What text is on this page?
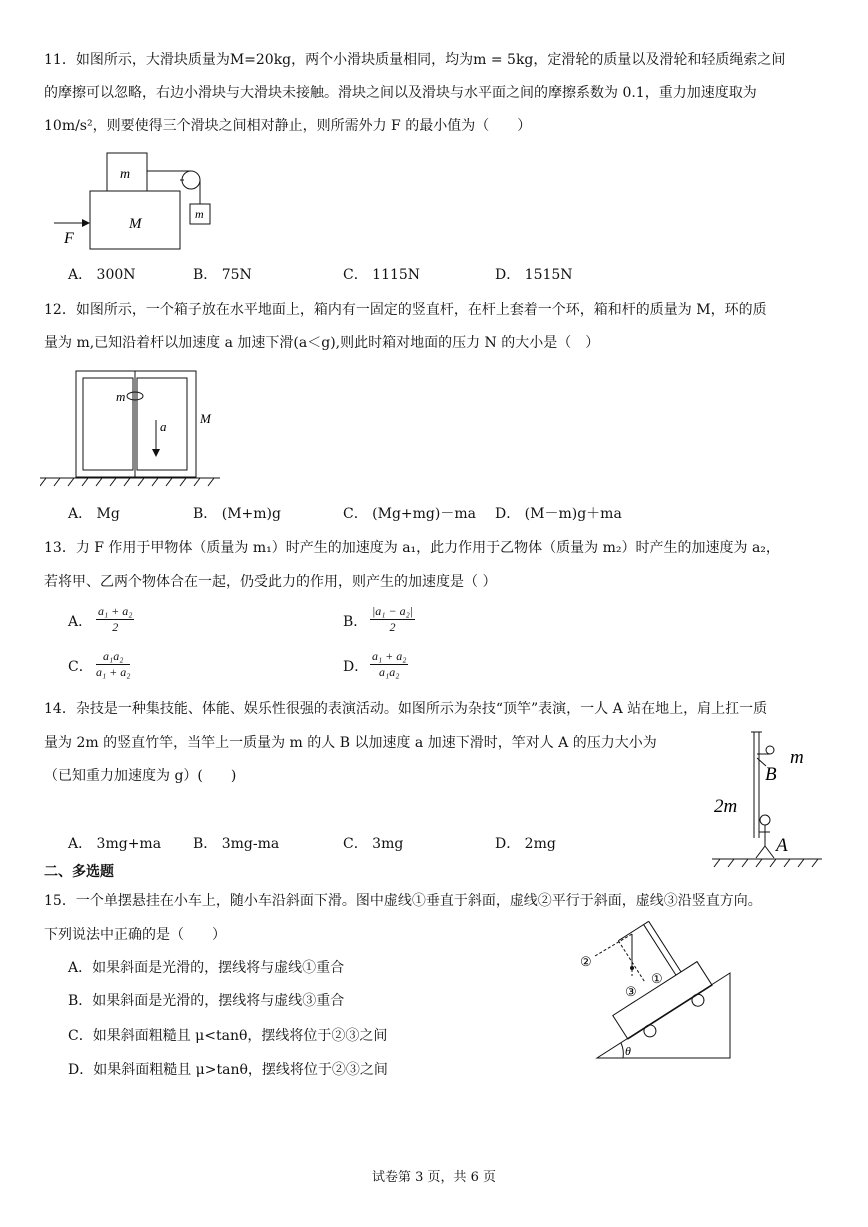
11．如图所示，大滑块质量为M=20kg，两个小滑块质量相同，均为m = 5kg，定滑轮的质量以及滑轮和轻质绳索之间
的摩擦可以忽略，右边小滑块与大滑块未接触。滑块之间以及滑块与水平面之间的摩擦系数为 0.1，重力加速度取为
10m/s²，则要使得三个滑块之间相对静止，则所需外力 F 的最小值为（　　）
m
M
m
F
A． 300N	B． 75N	C． 1115N	D． 1515N
12．如图所示，一个箱子放在水平地面上，箱内有一固定的竖直杆，在杆上套着一个环，箱和杆的质量为 M，环的质
量为 m,已知沿着杆以加速度 a 加速下滑(a＜g),则此时箱对地面的压力 N 的大小是（　）
m
a
M
A． Mg	B． (M+m)g	C． (Mg+mg)－ma D． (M－m)g＋ma
13．力 F 作用于甲物体（质量为 m₁）时产生的加速度为 a₁，此力作用于乙物体（质量为 m₂）时产生的加速度为 a₂，
若将甲、乙两个物体合在一起，仍受此力的作用，则产生的加速度是（ ）
A． $\frac{\text{a₁ + a₂}}{2}$	B． $\frac{\text{|a₁ − a₂|}}{2}$
C． $\frac{\text{a₁a₂}}{\text{a₁ + a₂}}$	D． $\frac{\text{a₁ + a₂}}{\text{a₁a₂}}$
14．杂技是一种集技能、体能、娱乐性很强的表演活动。如图所示为杂技“顶竿”表演，一人 A 站在地上，肩上扛一质
量为 2m 的竖直竹竿，当竿上一质量为 m 的人 B 以加速度 a 加速下滑时，竿对人 A 的压力大小为
（已知重力加速度为 g）(　　)
m
B
2m
A
A． 3mg+ma B． 3mg-ma	C． 3mg	D． 2mg
二、多选题
15．一个单摆悬挂在小车上，随小车沿斜面下滑。图中虚线①垂直于斜面，虚线②平行于斜面，虚线③沿竖直方向。
下列说法中正确的是（　　）
A．如果斜面是光滑的，摆线将与虚线①重合
B．如果斜面是光滑的，摆线将与虚线③重合
C．如果斜面粗糙且 μ<tanθ，摆线将位于②③之间
D．如果斜面粗糙且 μ>tanθ，摆线将位于②③之间
②
①
③
θ
试卷第 3 页，共 6 页
